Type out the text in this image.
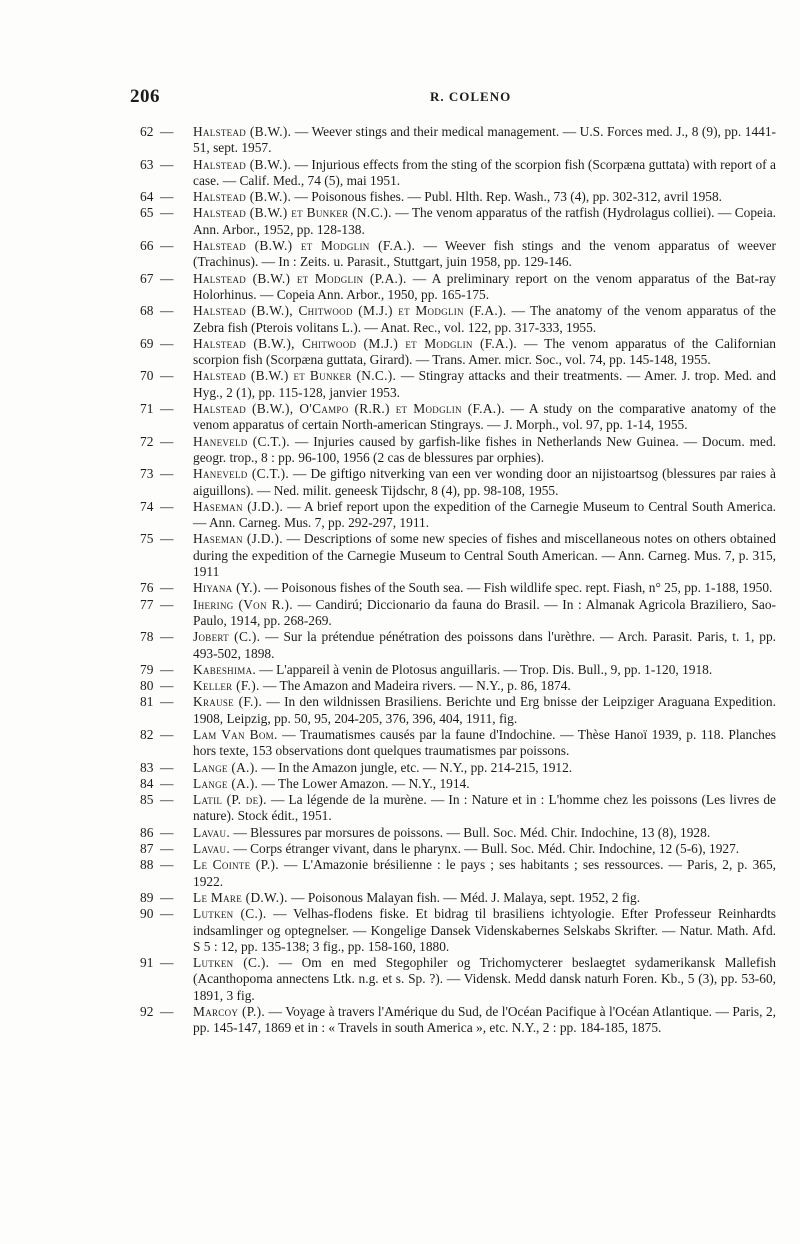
206	R. COLENO
62 — Halstead (B.W.). — Weever stings and their medical management. — U.S. Forces med. J., 8 (9), pp. 1441-51, sept. 1957.
63 — Halstead (B.W.). — Injurious effects from the sting of the scorpion fish (Scorpæna guttata) with report of a case. — Calif. Med., 74 (5), mai 1951.
64 — Halstead (B.W.). — Poisonous fishes. — Publ. Hlth. Rep. Wash., 73 (4), pp. 302-312, avril 1958.
65 — Halstead (B.W.) et Bunker (N.C.). — The venom apparatus of the ratfish (Hydrolagus colliei). — Copeia. Ann. Arbor., 1952, pp. 128-138.
66 — Halstead (B.W.) et Modglin (F.A.). — Weever fish stings and the venom apparatus of weever (Trachinus). — In : Zeits. u. Parasit., Stuttgart, juin 1958, pp. 129-146.
67 — Halstead (B.W.) et Modglin (P.A.). — A preliminary report on the venom apparatus of the Bat-ray Holorhinus. — Copeia Ann. Arbor., 1950, pp. 165-175.
68 — Halstead (B.W.), Chitwood (M.J.) et Modglin (F.A.). — The anatomy of the venom apparatus of the Zebra fish (Pterois volitans L.). — Anat. Rec., vol. 122, pp. 317-333, 1955.
69 — Halstead (B.W.), Chitwood (M.J.) et Modglin (F.A.). — The venom apparatus of the Californian scorpion fish (Scorpæna guttata, Girard). — Trans. Amer. micr. Soc., vol. 74, pp. 145-148, 1955.
70 — Halstead (B.W.) et Bunker (N.C.). — Stingray attacks and their treatments. — Amer. J. trop. Med. and Hyg., 2 (1), pp. 115-128, janvier 1953.
71 — Halstead (B.W.), O'Campo (R.R.) et Modglin (F.A.). — A study on the comparative anatomy of the venom apparatus of certain North-american Stingrays. — J. Morph., vol. 97, pp. 1-14, 1955.
72 — Haneveld (C.T.). — Injuries caused by garfish-like fishes in Netherlands New Guinea. — Docum. med. geogr. trop., 8 : pp. 96-100, 1956 (2 cas de blessures par orphies).
73 — Haneveld (C.T.). — De giftigo nitverking van een ver wonding door an nijistoartsog (blessures par raies à aiguillons). — Ned. milit. geneesk Tijdschr, 8 (4), pp. 98-108, 1955.
74 — Haseman (J.D.). — A brief report upon the expedition of the Carnegie Museum to Central South America. — Ann. Carneg. Mus. 7, pp. 292-297, 1911.
75 — Haseman (J.D.). — Descriptions of some new species of fishes and miscellaneous notes on others obtained during the expedition of the Carnegie Museum to Central South American. — Ann. Carneg. Mus. 7, p. 315, 1911
76 — Hiyana (Y.). — Poisonous fishes of the South sea. — Fish wildlife spec. rept. Fiash, n° 25, pp. 1-188, 1950.
77 — Ihering (Von R.). — Candirú; Diccionario da fauna do Brasil. — In : Almanak Agricola Braziliero, Sao-Paulo, 1914, pp. 268-269.
78 — Jobert (C.). — Sur la prétendue pénétration des poissons dans l'urèthre. — Arch. Parasit. Paris, t. 1, pp. 493-502, 1898.
79 — Kabeshima. — L'appareil à venin de Plotosus anguillaris. — Trop. Dis. Bull., 9, pp. 1-120, 1918.
80 — Keller (F.). — The Amazon and Madeira rivers. — N.Y., p. 86, 1874.
81 — Krause (F.). — In den wildnissen Brasiliens. Berichte und Erg bnisse der Leipziger Araguana Expedition. 1908, Leipzig, pp. 50, 95, 204-205, 376, 396, 404, 1911, fig.
82 — Lam Van Bom. — Traumatismes causés par la faune d'Indochine. — Thèse Hanoï 1939, p. 118. Planches hors texte, 153 observations dont quelques traumatismes par poissons.
83 — Lange (A.). — In the Amazon jungle, etc. — N.Y., pp. 214-215, 1912.
84 — Lange (A.). — The Lower Amazon. — N.Y., 1914.
85 — Latil (P. de). — La légende de la murène. — In : Nature et in : L'homme chez les poissons (Les livres de nature). Stock édit., 1951.
86 — Lavau. — Blessures par morsures de poissons. — Bull. Soc. Méd. Chir. Indochine, 13 (8), 1928.
87 — Lavau. — Corps étranger vivant, dans le pharynx. — Bull. Soc. Méd. Chir. Indochine, 12 (5-6), 1927.
88 — Le Cointe (P.). — L'Amazonie brésilienne : le pays ; ses habitants ; ses ressources. — Paris, 2, p. 365, 1922.
89 — Le Mare (D.W.). — Poisonous Malayan fish. — Méd. J. Malaya, sept. 1952, 2 fig.
90 — Lutken (C.). — Velhas-flodens fiske. Et bidrag til brasiliens ichtyologie. Efter Professeur Reinhardts indsamlinger og optegnelser. — Kongelige Dansek Videnskabernes Selskabs Skrifter. — Natur. Math. Afd. S 5 : 12, pp. 135-138; 3 fig., pp. 158-160, 1880.
91 — Lutken (C.). — Om en med Stegophiler og Trichomycterer beslaegtet sydamerikansk Mallefish (Acanthopoma annectens Ltk. n.g. et s. Sp. ?). — Vidensk. Medd dansk naturh Foren. Kb., 5 (3), pp. 53-60, 1891, 3 fig.
92 — Marcoy (P.). — Voyage à travers l'Amérique du Sud, de l'Océan Pacifique à l'Océan Atlantique. — Paris, 2, pp. 145-147, 1869 et in : « Travels in south America », etc. N.Y., 2 : pp. 184-185, 1875.
